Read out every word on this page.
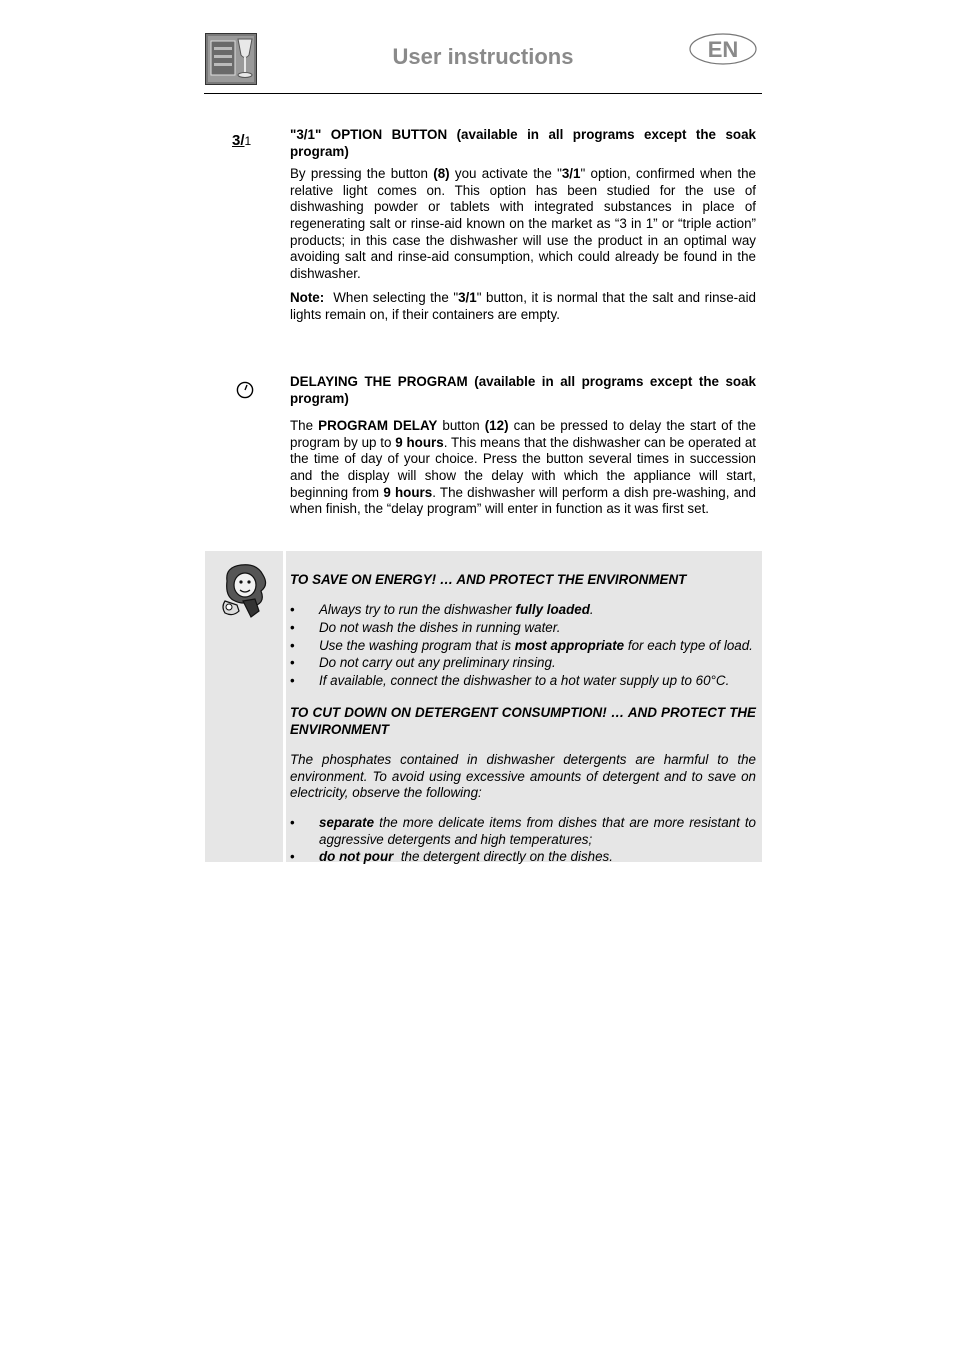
User instructions	EN
3/1	"3/1" OPTION BUTTON (available in all programs except the soak program)

By pressing the button (8) you activate the "3/1" option, confirmed when the relative light comes on. This option has been studied for the use of dishwashing powder or tablets with integrated substances in place of regenerating salt or rinse-aid known on the market as “3 in 1” or “triple action” products; in this case the dishwasher will use the product in an optimal way avoiding salt and rinse-aid consumption, which could already be found in the dishwasher.

Note:  When selecting the "3/1" button, it is normal that the salt and rinse-aid lights remain on, if their containers are empty.

DELAYING THE PROGRAM (available in all programs except the soak program)

The PROGRAM DELAY button (12) can be pressed to delay the start of the program by up to 9 hours. This means that the dishwasher can be operated at the time of day of your choice. Press the button several times in succession and the display will show the delay with which the appliance will start, beginning from 9 hours. The dishwasher will perform a dish pre-washing, and when finish, the “delay program” will enter in function as it was first set.

TO SAVE ON ENERGY! … AND PROTECT THE ENVIRONMENT

• Always try to run the dishwasher fully loaded.
• Do not wash the dishes in running water.
• Use the washing program that is most appropriate for each type of load.
• Do not carry out any preliminary rinsing.
• If available, connect the dishwasher to a hot water supply up to 60°C.

TO CUT DOWN ON DETERGENT CONSUMPTION! … AND PROTECT THE ENVIRONMENT

The phosphates contained in dishwasher detergents are harmful to the environment. To avoid using excessive amounts of detergent and to save on electricity, observe the following:

• separate the more delicate items from dishes that are more resistant to aggressive detergents and high temperatures;
• do not pour  the detergent directly on the dishes.
